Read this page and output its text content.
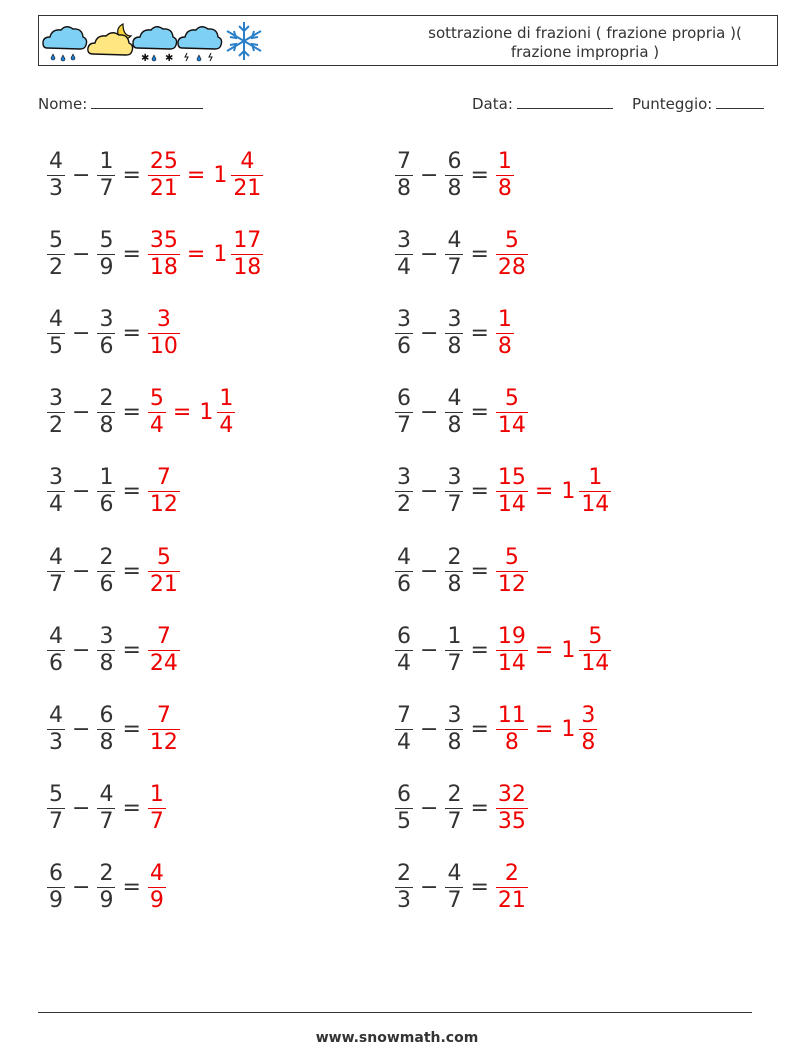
✱ ✱
sottrazione di frazioni ( frazione propria )( frazione impropria )
Nome:	Data:	Punteggio:
$\frac{4}{3} - \frac{1}{7} = \frac{25}{21} = 1 \frac{4}{21}$	$\frac{7}{8} - \frac{6}{8} = \frac{1}{8}$
$\frac{5}{2} - \frac{5}{9} = \frac{35}{18} = 1 \frac{17}{18}$	$\frac{3}{4} - \frac{4}{7} = \frac{5}{28}$
$\frac{4}{5} - \frac{3}{6} = \frac{3}{10}$	$\frac{3}{6} - \frac{3}{8} = \frac{1}{8}$
$\frac{3}{2} - \frac{2}{8} = \frac{5}{4} = 1 \frac{1}{4}$	$\frac{6}{7} - \frac{4}{8} = \frac{5}{14}$
$\frac{3}{4} - \frac{1}{6} = \frac{7}{12}$	$\frac{3}{2} - \frac{3}{7} = \frac{15}{14} = 1 \frac{1}{14}$
$\frac{4}{7} - \frac{2}{6} = \frac{5}{21}$	$\frac{4}{6} - \frac{2}{8} = \frac{5}{12}$
$\frac{4}{6} - \frac{3}{8} = \frac{7}{24}$	$\frac{6}{4} - \frac{1}{7} = \frac{19}{14} = 1 \frac{5}{14}$
$\frac{4}{3} - \frac{6}{8} = \frac{7}{12}$	$\frac{7}{4} - \frac{3}{8} = \frac{11}{8} = 1 \frac{3}{8}$
$\frac{5}{7} - \frac{4}{7} = \frac{1}{7}$	$\frac{6}{5} - \frac{2}{7} = \frac{32}{35}$
$\frac{6}{9} - \frac{2}{9} = \frac{4}{9}$	$\frac{2}{3} - \frac{4}{7} = \frac{2}{21}$
www.snowmath.com
